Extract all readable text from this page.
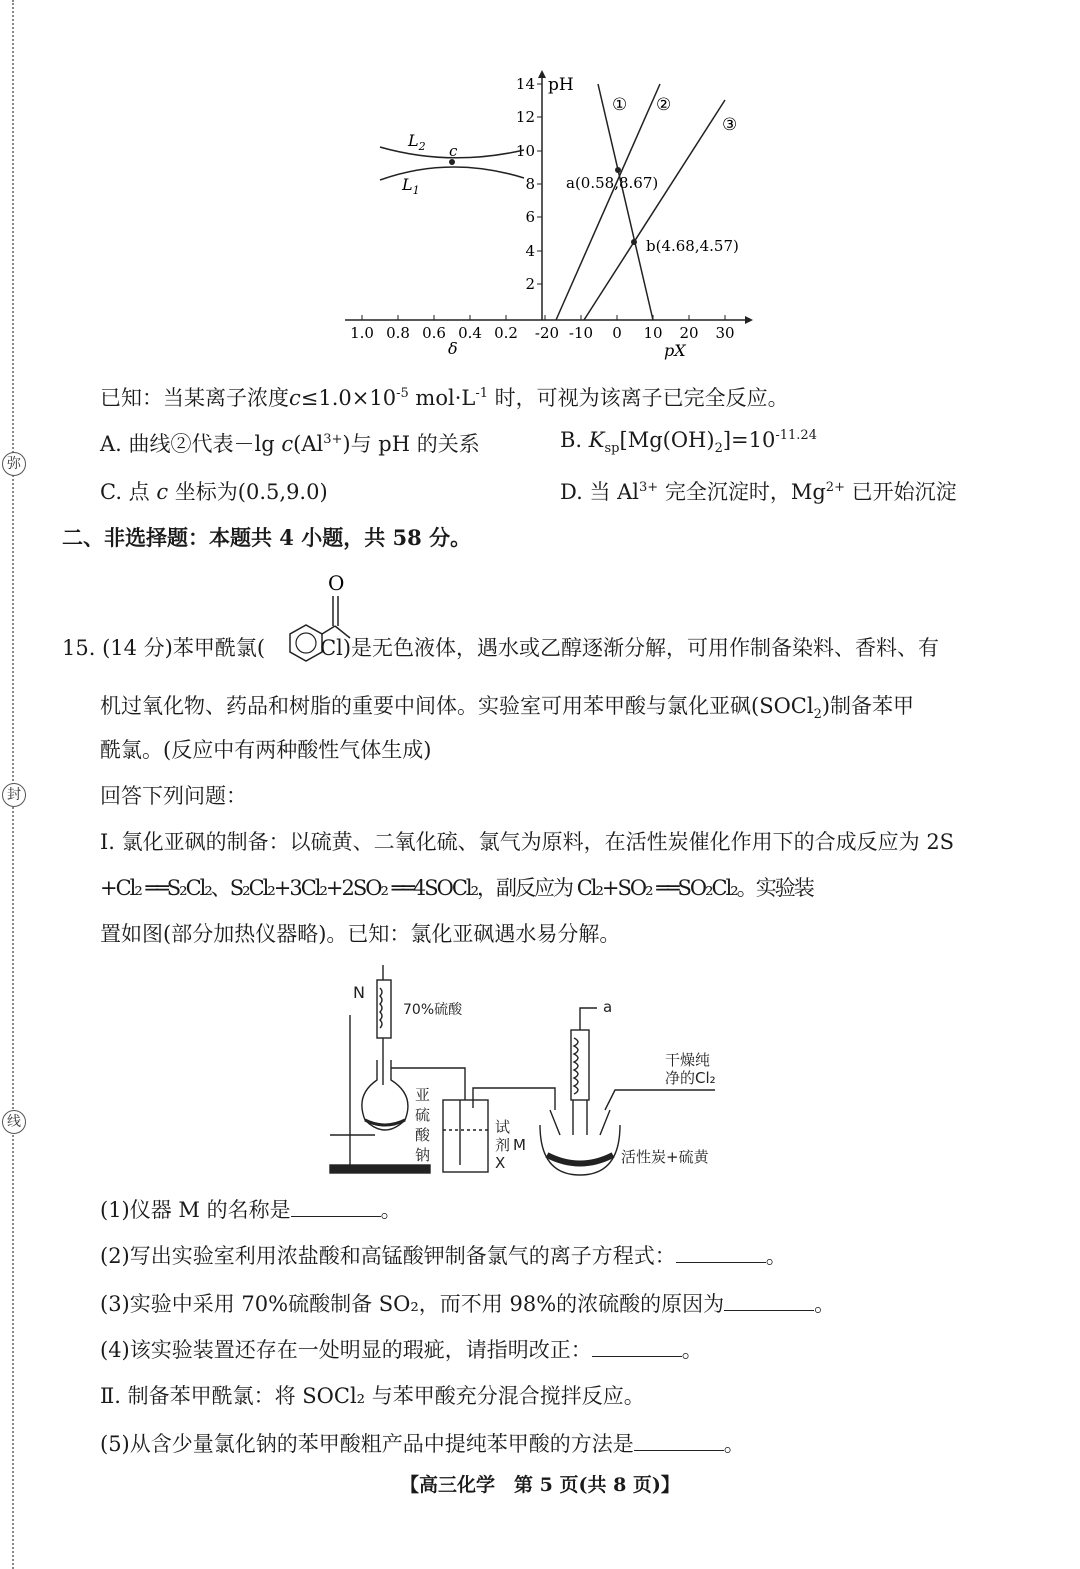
弥
封
线
pH
14
12
10
8
6
4
2
1.0 0.8 0.6 0.4 0.2
δ
-20 -10 0 10 20 30
pX
$L_2$
$L_1$
c
① ②
③
a(0.58,8.67)
b(4.68,4.57)
已知：当某离子浓度$c\le 1.0\times 10^{-5}$ $mol\cdot L^{-1}$ 时，可视为该离子已完全反应。
A. 曲线②代表－lg $c(Al^{3+})$与 pH 的关系	B. $K_{sp}[Mg(OH)_2]=10^{-11.24}$
C. 点 c 坐标为(0.5,9.0)	D. 当 $Al^{3+}$ 完全沉淀时，$Mg^{2+}$ 已开始沉淀
二、非选择题：本题共 4 小题，共 58 分。
O
15. (14 分)苯甲酰氯(	Cl)是无色液体，遇水或乙醇逐渐分解，可用作制备染料、香料、有
机过氧化物、药品和树脂的重要中间体。实验室可用苯甲酸与氯化亚砜(SOCl$_2$)制备苯甲
酰氯。(反应中有两种酸性气体生成)
回答下列问题：
Ⅰ. 氯化亚砜的制备：以硫黄、二氧化硫、氯气为原料，在活性炭催化作用下的合成反应为 2S
+Cl₂ ══S₂Cl₂、S₂Cl₂+3Cl₂+2SO₂ ══4SOCl₂，副反应为 Cl₂+SO₂ ══SO₂Cl₂。实验装
置如图(部分加热仪器略)。已知：氯化亚砜遇水易分解。
N
70%硫酸
亚 硫 酸 钠
试 剂 X
M
a
干燥纯 净的Cl₂
活性炭+硫黄
(1)仪器 M 的名称是	。
(2)写出实验室利用浓盐酸和高锰酸钾制备氯气的离子方程式：	。
(3)实验中采用 70%硫酸制备 SO₂，而不用 98%的浓硫酸的原因为	。
(4)该实验装置还存在一处明显的瑕疵，请指明改正：	。
Ⅱ. 制备苯甲酰氯：将 SOCl₂ 与苯甲酸充分混合搅拌反应。
(5)从含少量氯化钠的苯甲酸粗产品中提纯苯甲酸的方法是	。
【高三化学　第 5 页(共 8 页)】
